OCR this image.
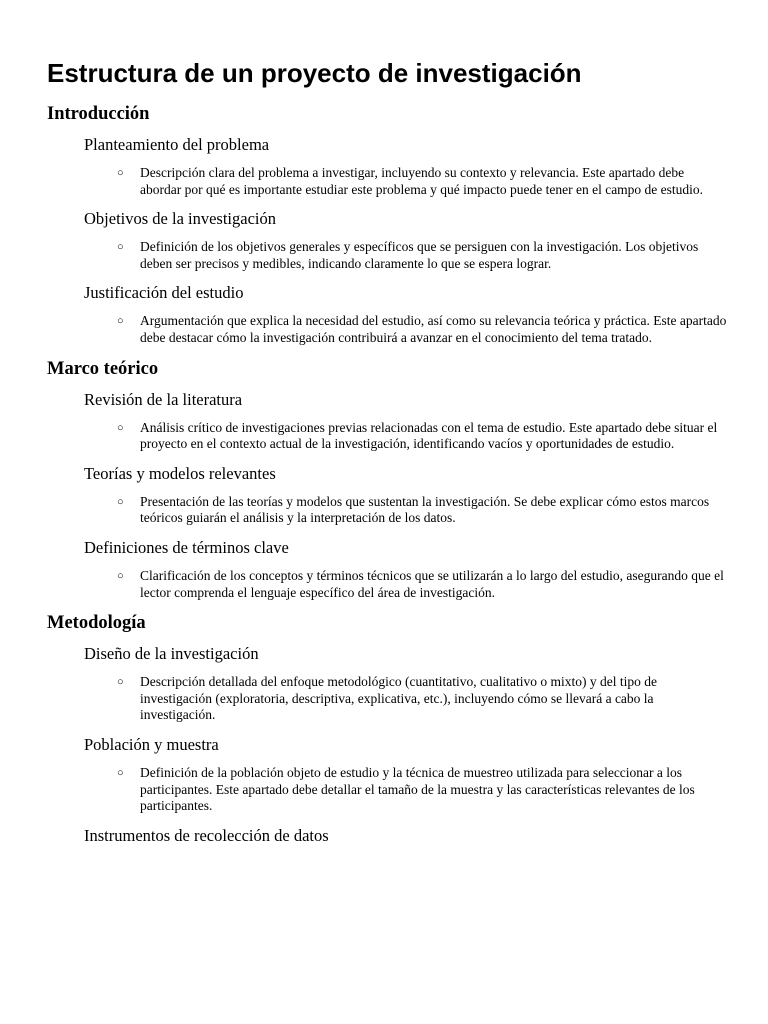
Estructura de un proyecto de investigación
Introducción
Planteamiento del problema
○ Descripción clara del problema a investigar, incluyendo su contexto y relevancia. Este apartado debe abordar por qué es importante estudiar este problema y qué impacto puede tener en el campo de estudio.
Objetivos de la investigación
○ Definición de los objetivos generales y específicos que se persiguen con la investigación. Los objetivos deben ser precisos y medibles, indicando claramente lo que se espera lograr.
Justificación del estudio
○ Argumentación que explica la necesidad del estudio, así como su relevancia teórica y práctica. Este apartado debe destacar cómo la investigación contribuirá a avanzar en el conocimiento del tema tratado.
Marco teórico
Revisión de la literatura
○ Análisis crítico de investigaciones previas relacionadas con el tema de estudio. Este apartado debe situar el proyecto en el contexto actual de la investigación, identificando vacíos y oportunidades de estudio.
Teorías y modelos relevantes
○ Presentación de las teorías y modelos que sustentan la investigación. Se debe explicar cómo estos marcos teóricos guiarán el análisis y la interpretación de los datos.
Definiciones de términos clave
○ Clarificación de los conceptos y términos técnicos que se utilizarán a lo largo del estudio, asegurando que el lector comprenda el lenguaje específico del área de investigación.
Metodología
Diseño de la investigación
○ Descripción detallada del enfoque metodológico (cuantitativo, cualitativo o mixto) y del tipo de investigación (exploratoria, descriptiva, explicativa, etc.), incluyendo cómo se llevará a cabo la investigación.
Población y muestra
○ Definición de la población objeto de estudio y la técnica de muestreo utilizada para seleccionar a los participantes. Este apartado debe detallar el tamaño de la muestra y las características relevantes de los participantes.
Instrumentos de recolección de datos
